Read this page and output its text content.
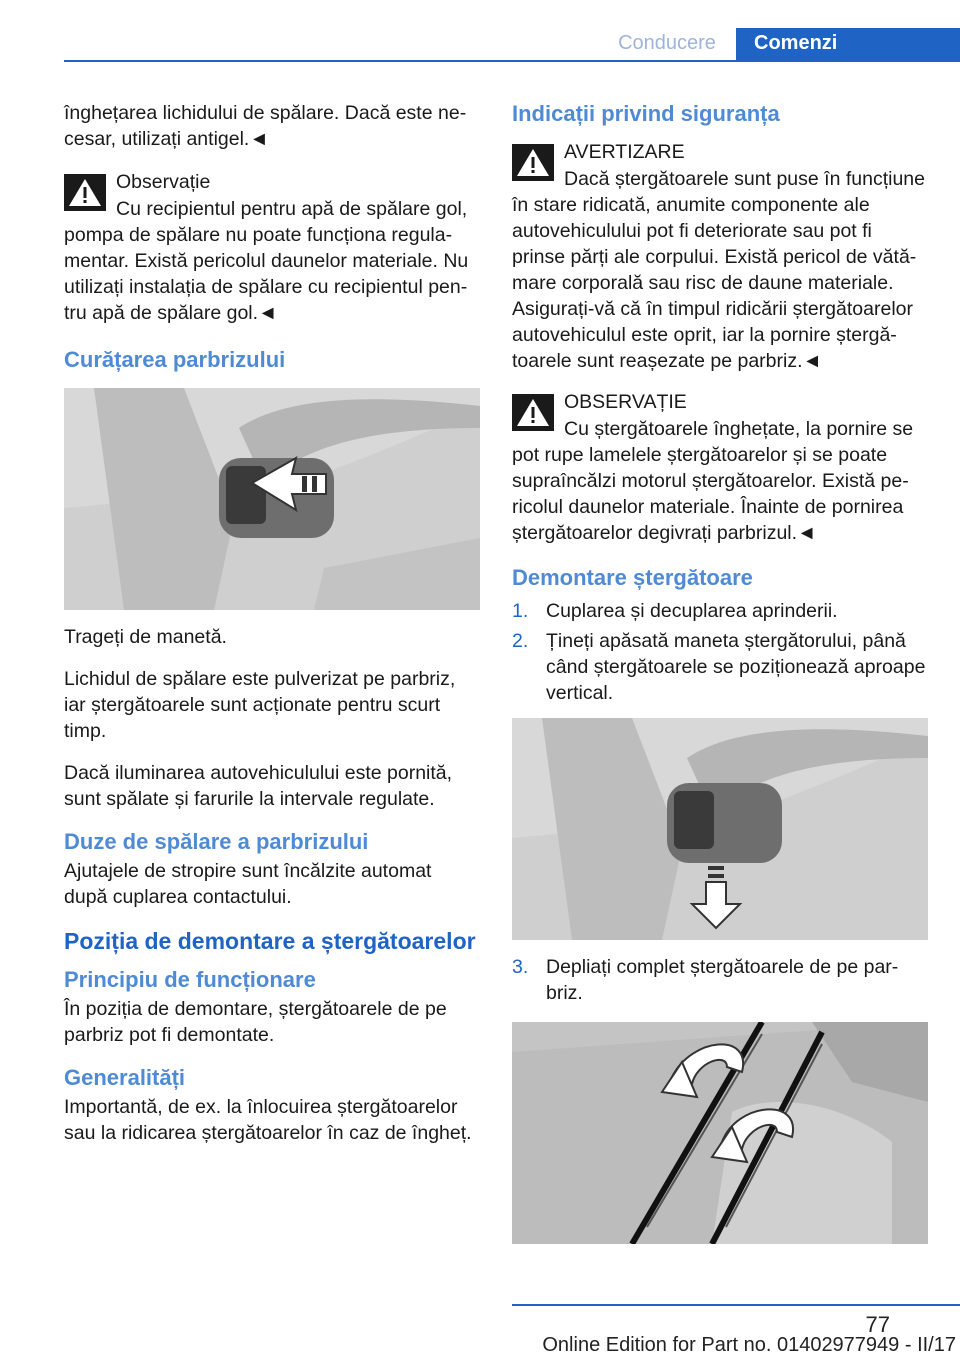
Conducere	Comenzi

înghețarea lichidului de spălare. Dacă este necesar, utilizați antigel.◄

Observație
Cu recipientul pentru apă de spălare gol, pompa de spălare nu poate funcționa regulamentar. Există pericolul daunelor materiale. Nu utilizați instalația de spălare cu recipientul pentru apă de spălare gol.◄
Curățarea parbrizului

Trageți de manetă.

Lichidul de spălare este pulverizat pe parbriz, iar ștergătoarele sunt acționate pentru scurt timp.

Dacă iluminarea autovehiculului este pornită, sunt spălate și farurile la intervale regulate.

Duze de spălare a parbrizului

Ajutajele de stropire sunt încălzite automat după cuplarea contactului.

Poziția de demontare a ștergătoarelor
Principiu de funcționare

În poziția de demontare, ștergătoarele de pe parbriz pot fi demontate.

Generalități

Importantă, de ex. la înlocuirea ștergătoarelor sau la ridicarea ștergătoarelor în caz de îngheț.

Indicații privind siguranța
AVERTIZARE
Dacă ștergătoarele sunt puse în funcțiune în stare ridicată, anumite componente ale autovehiculului pot fi deteriorate sau pot fi prinse părți ale corpului. Există pericol de vătămare corporală sau risc de daune materiale. Asigurați-vă că în timpul ridicării ștergătoarelor autovehiculul este oprit, iar la pornire ștergătoarele sunt reașezate pe parbriz.◄
OBSERVAȚIE
Cu ștergătoarele înghețate, la pornire se pot rupe lamelele ștergătoarelor și se poate supraîncălzi motorul ștergătoarelor. Există pericolul daunelor materiale. Înainte de pornirea ștergătoarelor degivrați parbrizul.◄
Demontare ștergătoare
1. Cuplarea și decuplarea aprinderii.
2. Țineți apăsată maneta ștergătorului, până când ștergătoarele se poziționează aproape vertical.
3. Depliați complet ștergătoarele de pe parbriz.
77
Online Edition for Part no. 01402977949 - II/17
